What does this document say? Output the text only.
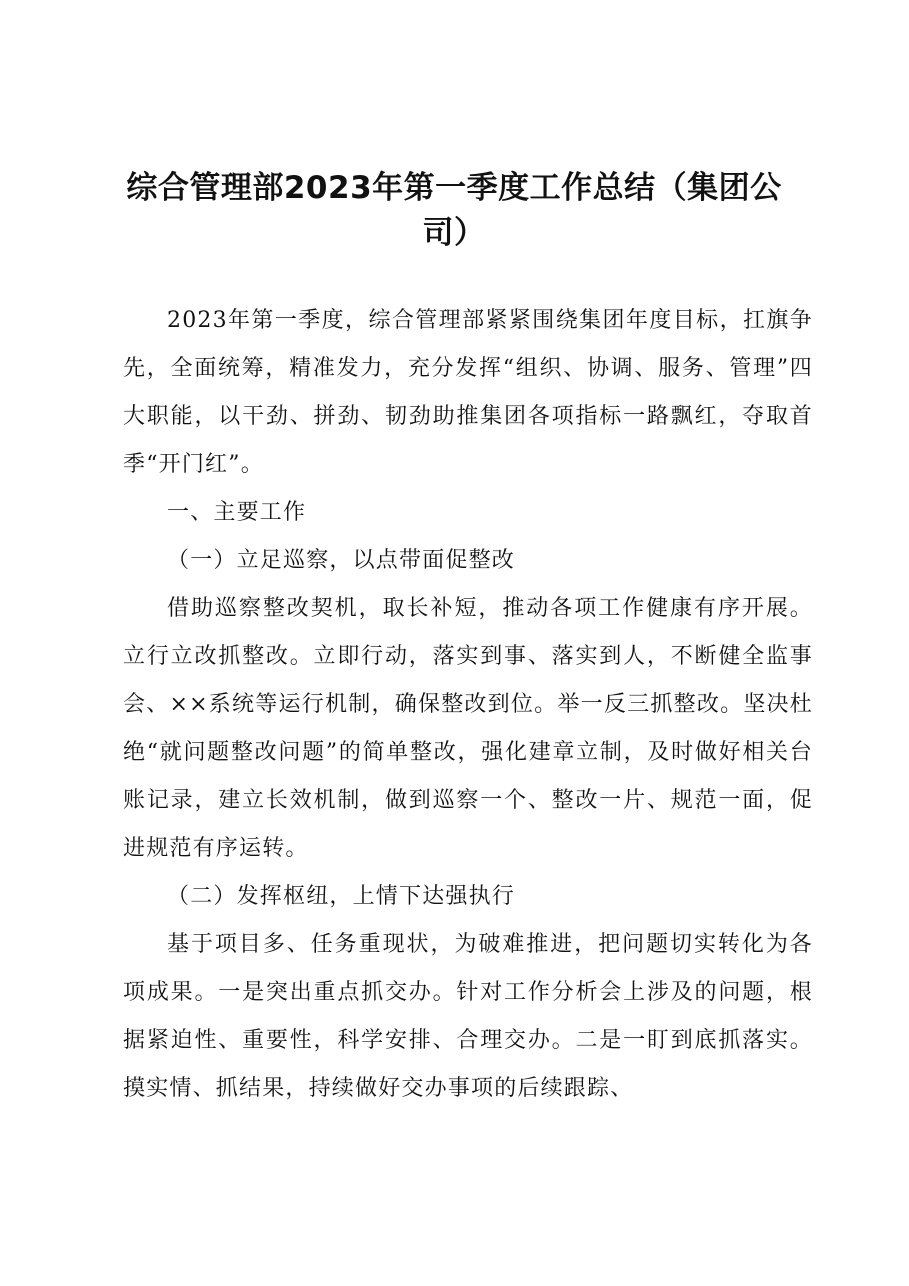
综合管理部2023年第一季度工作总结（集团公司）

2023年第一季度，综合管理部紧紧围绕集团年度目标，扛旗争先，全面统筹，精准发力，充分发挥“组织、协调、服务、管理”四大职能，以干劲、拼劲、韧劲助推集团各项指标一路飘红，夺取首季“开门红”。

一、主要工作

（一）立足巡察，以点带面促整改

借助巡察整改契机，取长补短，推动各项工作健康有序开展。立行立改抓整改。立即行动，落实到事、落实到人，不断健全监事会、××系统等运行机制，确保整改到位。举一反三抓整改。坚决杜绝“就问题整改问题”的简单整改，强化建章立制，及时做好相关台账记录，建立长效机制，做到巡察一个、整改一片、规范一面，促进规范有序运转。

（二）发挥枢纽，上情下达强执行

基于项目多、任务重现状，为破难推进，把问题切实转化为各项成果。一是突出重点抓交办。针对工作分析会上涉及的问题，根据紧迫性、重要性，科学安排、合理交办。二是一盯到底抓落实。摸实情、抓结果，持续做好交办事项的后续跟踪、
